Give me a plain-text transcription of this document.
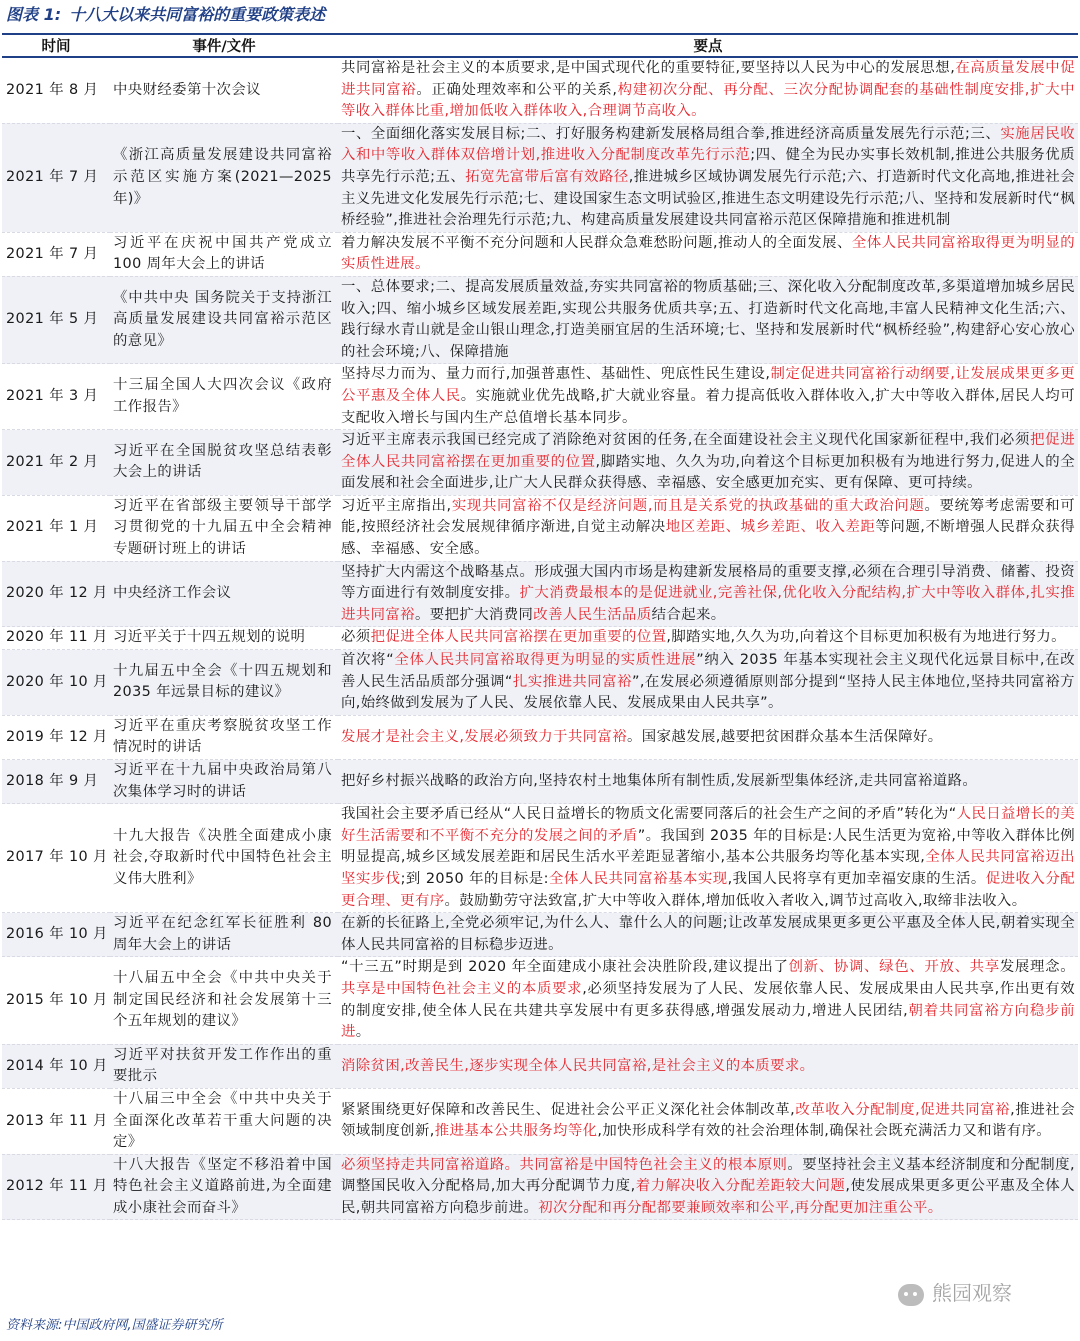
图表 1: 十八大以来共同富裕的重要政策表述
时间	事件/文件	要点
2021 年 8 月	中央财经委第十次会议	共同富裕是社会主义的本质要求,是中国式现代化的重要特征,要坚持以人民为中心的发展思想,在高质量发展中促进共同富裕。正确处理效率和公平的关系,构建初次分配、再分配、三次分配协调配套的基础性制度安排,扩大中等收入群体比重,增加低收入群体收入,合理调节高收入。
2021 年 7 月	《浙江高质量发展建设共同富裕示范区实施方案(2021—2025 年)》	一、全面细化落实发展目标;二、打好服务构建新发展格局组合拳,推进经济高质量发展先行示范;三、实施居民收入和中等收入群体双倍增计划,推进收入分配制度改革先行示范;四、健全为民办实事长效机制,推进公共服务优质共享先行示范;五、拓宽先富带后富有效路径,推进城乡区域协调发展先行示范;六、打造新时代文化高地,推进社会主义先进文化发展先行示范;七、建设国家生态文明试验区,推进生态文明建设先行示范;八、坚持和发展新时代“枫桥经验”,推进社会治理先行示范;九、构建高质量发展建设共同富裕示范区保障措施和推进机制
2021 年 7 月	习近平在庆祝中国共产党成立 100 周年大会上的讲话	着力解决发展不平衡不充分问题和人民群众急难愁盼问题,推动人的全面发展、全体人民共同富裕取得更为明显的实质性进展。
2021 年 5 月	《中共中央 国务院关于支持浙江高质量发展建设共同富裕示范区的意见》	一、总体要求;二、提高发展质量效益,夯实共同富裕的物质基础;三、深化收入分配制度改革,多渠道增加城乡居民收入;四、缩小城乡区域发展差距,实现公共服务优质共享;五、打造新时代文化高地,丰富人民精神文化生活;六、践行绿水青山就是金山银山理念,打造美丽宜居的生活环境;七、坚持和发展新时代“枫桥经验”,构建舒心安心放心的社会环境;八、保障措施
2021 年 3 月	十三届全国人大四次会议《政府工作报告》	坚持尽力而为、量力而行,加强普惠性、基础性、兜底性民生建设,制定促进共同富裕行动纲要,让发展成果更多更公平惠及全体人民。实施就业优先战略,扩大就业容量。着力提高低收入群体收入,扩大中等收入群体,居民人均可支配收入增长与国内生产总值增长基本同步。
2021 年 2 月	习近平在全国脱贫攻坚总结表彰大会上的讲话	习近平主席表示我国已经完成了消除绝对贫困的任务,在全面建设社会主义现代化国家新征程中,我们必须把促进全体人民共同富裕摆在更加重要的位置,脚踏实地、久久为功,向着这个目标更加积极有为地进行努力,促进人的全面发展和社会全面进步,让广大人民群众获得感、幸福感、安全感更加充实、更有保障、更可持续。
2021 年 1 月	习近平在省部级主要领导干部学习贯彻党的十九届五中全会精神专题研讨班上的讲话	习近平主席指出,实现共同富裕不仅是经济问题,而且是关系党的执政基础的重大政治问题。要统筹考虑需要和可能,按照经济社会发展规律循序渐进,自觉主动解决地区差距、城乡差距、收入差距等问题,不断增强人民群众获得感、幸福感、安全感。
2020 年 12 月	中央经济工作会议	坚持扩大内需这个战略基点。形成强大国内市场是构建新发展格局的重要支撑,必须在合理引导消费、储蓄、投资等方面进行有效制度安排。扩大消费最根本的是促进就业,完善社保,优化收入分配结构,扩大中等收入群体,扎实推进共同富裕。要把扩大消费同改善人民生活品质结合起来。
2020 年 11 月	习近平关于十四五规划的说明	必须把促进全体人民共同富裕摆在更加重要的位置,脚踏实地,久久为功,向着这个目标更加积极有为地进行努力。
2020 年 10 月	十九届五中全会《十四五规划和 2035 年远景目标的建议》	首次将“全体人民共同富裕取得更为明显的实质性进展”纳入 2035 年基本实现社会主义现代化远景目标中,在改善人民生活品质部分强调“扎实推进共同富裕”,在发展必须遵循原则部分提到“坚持人民主体地位,坚持共同富裕方向,始终做到发展为了人民、发展依靠人民、发展成果由人民共享”。
2019 年 12 月	习近平在重庆考察脱贫攻坚工作情况时的讲话	发展才是社会主义,发展必须致力于共同富裕。国家越发展,越要把贫困群众基本生活保障好。
2018 年 9 月	习近平在十九届中央政治局第八次集体学习时的讲话	把好乡村振兴战略的政治方向,坚持农村土地集体所有制性质,发展新型集体经济,走共同富裕道路。
2017 年 10 月	十九大报告《决胜全面建成小康社会,夺取新时代中国特色社会主义伟大胜利》	我国社会主要矛盾已经从“人民日益增长的物质文化需要同落后的社会生产之间的矛盾”转化为“人民日益增长的美好生活需要和不平衡不充分的发展之间的矛盾”。我国到 2035 年的目标是:人民生活更为宽裕,中等收入群体比例明显提高,城乡区域发展差距和居民生活水平差距显著缩小,基本公共服务均等化基本实现,全体人民共同富裕迈出坚实步伐;到 2050 年的目标是:全体人民共同富裕基本实现,我国人民将享有更加幸福安康的生活。促进收入分配更合理、更有序。鼓励勤劳守法致富,扩大中等收入群体,增加低收入者收入,调节过高收入,取缔非法收入。
2016 年 10 月	习近平在纪念红军长征胜利 80 周年大会上的讲话	在新的长征路上,全党必须牢记,为什么人、靠什么人的问题;让改革发展成果更多更公平惠及全体人民,朝着实现全体人民共同富裕的目标稳步迈进。
2015 年 10 月	十八届五中全会《中共中央关于制定国民经济和社会发展第十三个五年规划的建议》	“十三五”时期是到 2020 年全面建成小康社会决胜阶段,建议提出了创新、协调、绿色、开放、共享发展理念。共享是中国特色社会主义的本质要求,必须坚持发展为了人民、发展依靠人民、发展成果由人民共享,作出更有效的制度安排,使全体人民在共建共享发展中有更多获得感,增强发展动力,增进人民团结,朝着共同富裕方向稳步前进。
2014 年 10 月	习近平对扶贫开发工作作出的重要批示	消除贫困,改善民生,逐步实现全体人民共同富裕,是社会主义的本质要求。
2013 年 11 月	十八届三中全会《中共中央关于全面深化改革若干重大问题的决定》	紧紧围绕更好保障和改善民生、促进社会公平正义深化社会体制改革,改革收入分配制度,促进共同富裕,推进社会领域制度创新,推进基本公共服务均等化,加快形成科学有效的社会治理体制,确保社会既充满活力又和谐有序。
2012 年 11 月	十八大报告《坚定不移沿着中国特色社会主义道路前进,为全面建成小康社会而奋斗》	必须坚持走共同富裕道路。共同富裕是中国特色社会主义的根本原则。要坚持社会主义基本经济制度和分配制度,调整国民收入分配格局,加大再分配调节力度,着力解决收入分配差距较大问题,使发展成果更多更公平惠及全体人民,朝共同富裕方向稳步前进。初次分配和再分配都要兼顾效率和公平,再分配更加注重公平。
资料来源:中国政府网,国盛证券研究所
熊园观察
